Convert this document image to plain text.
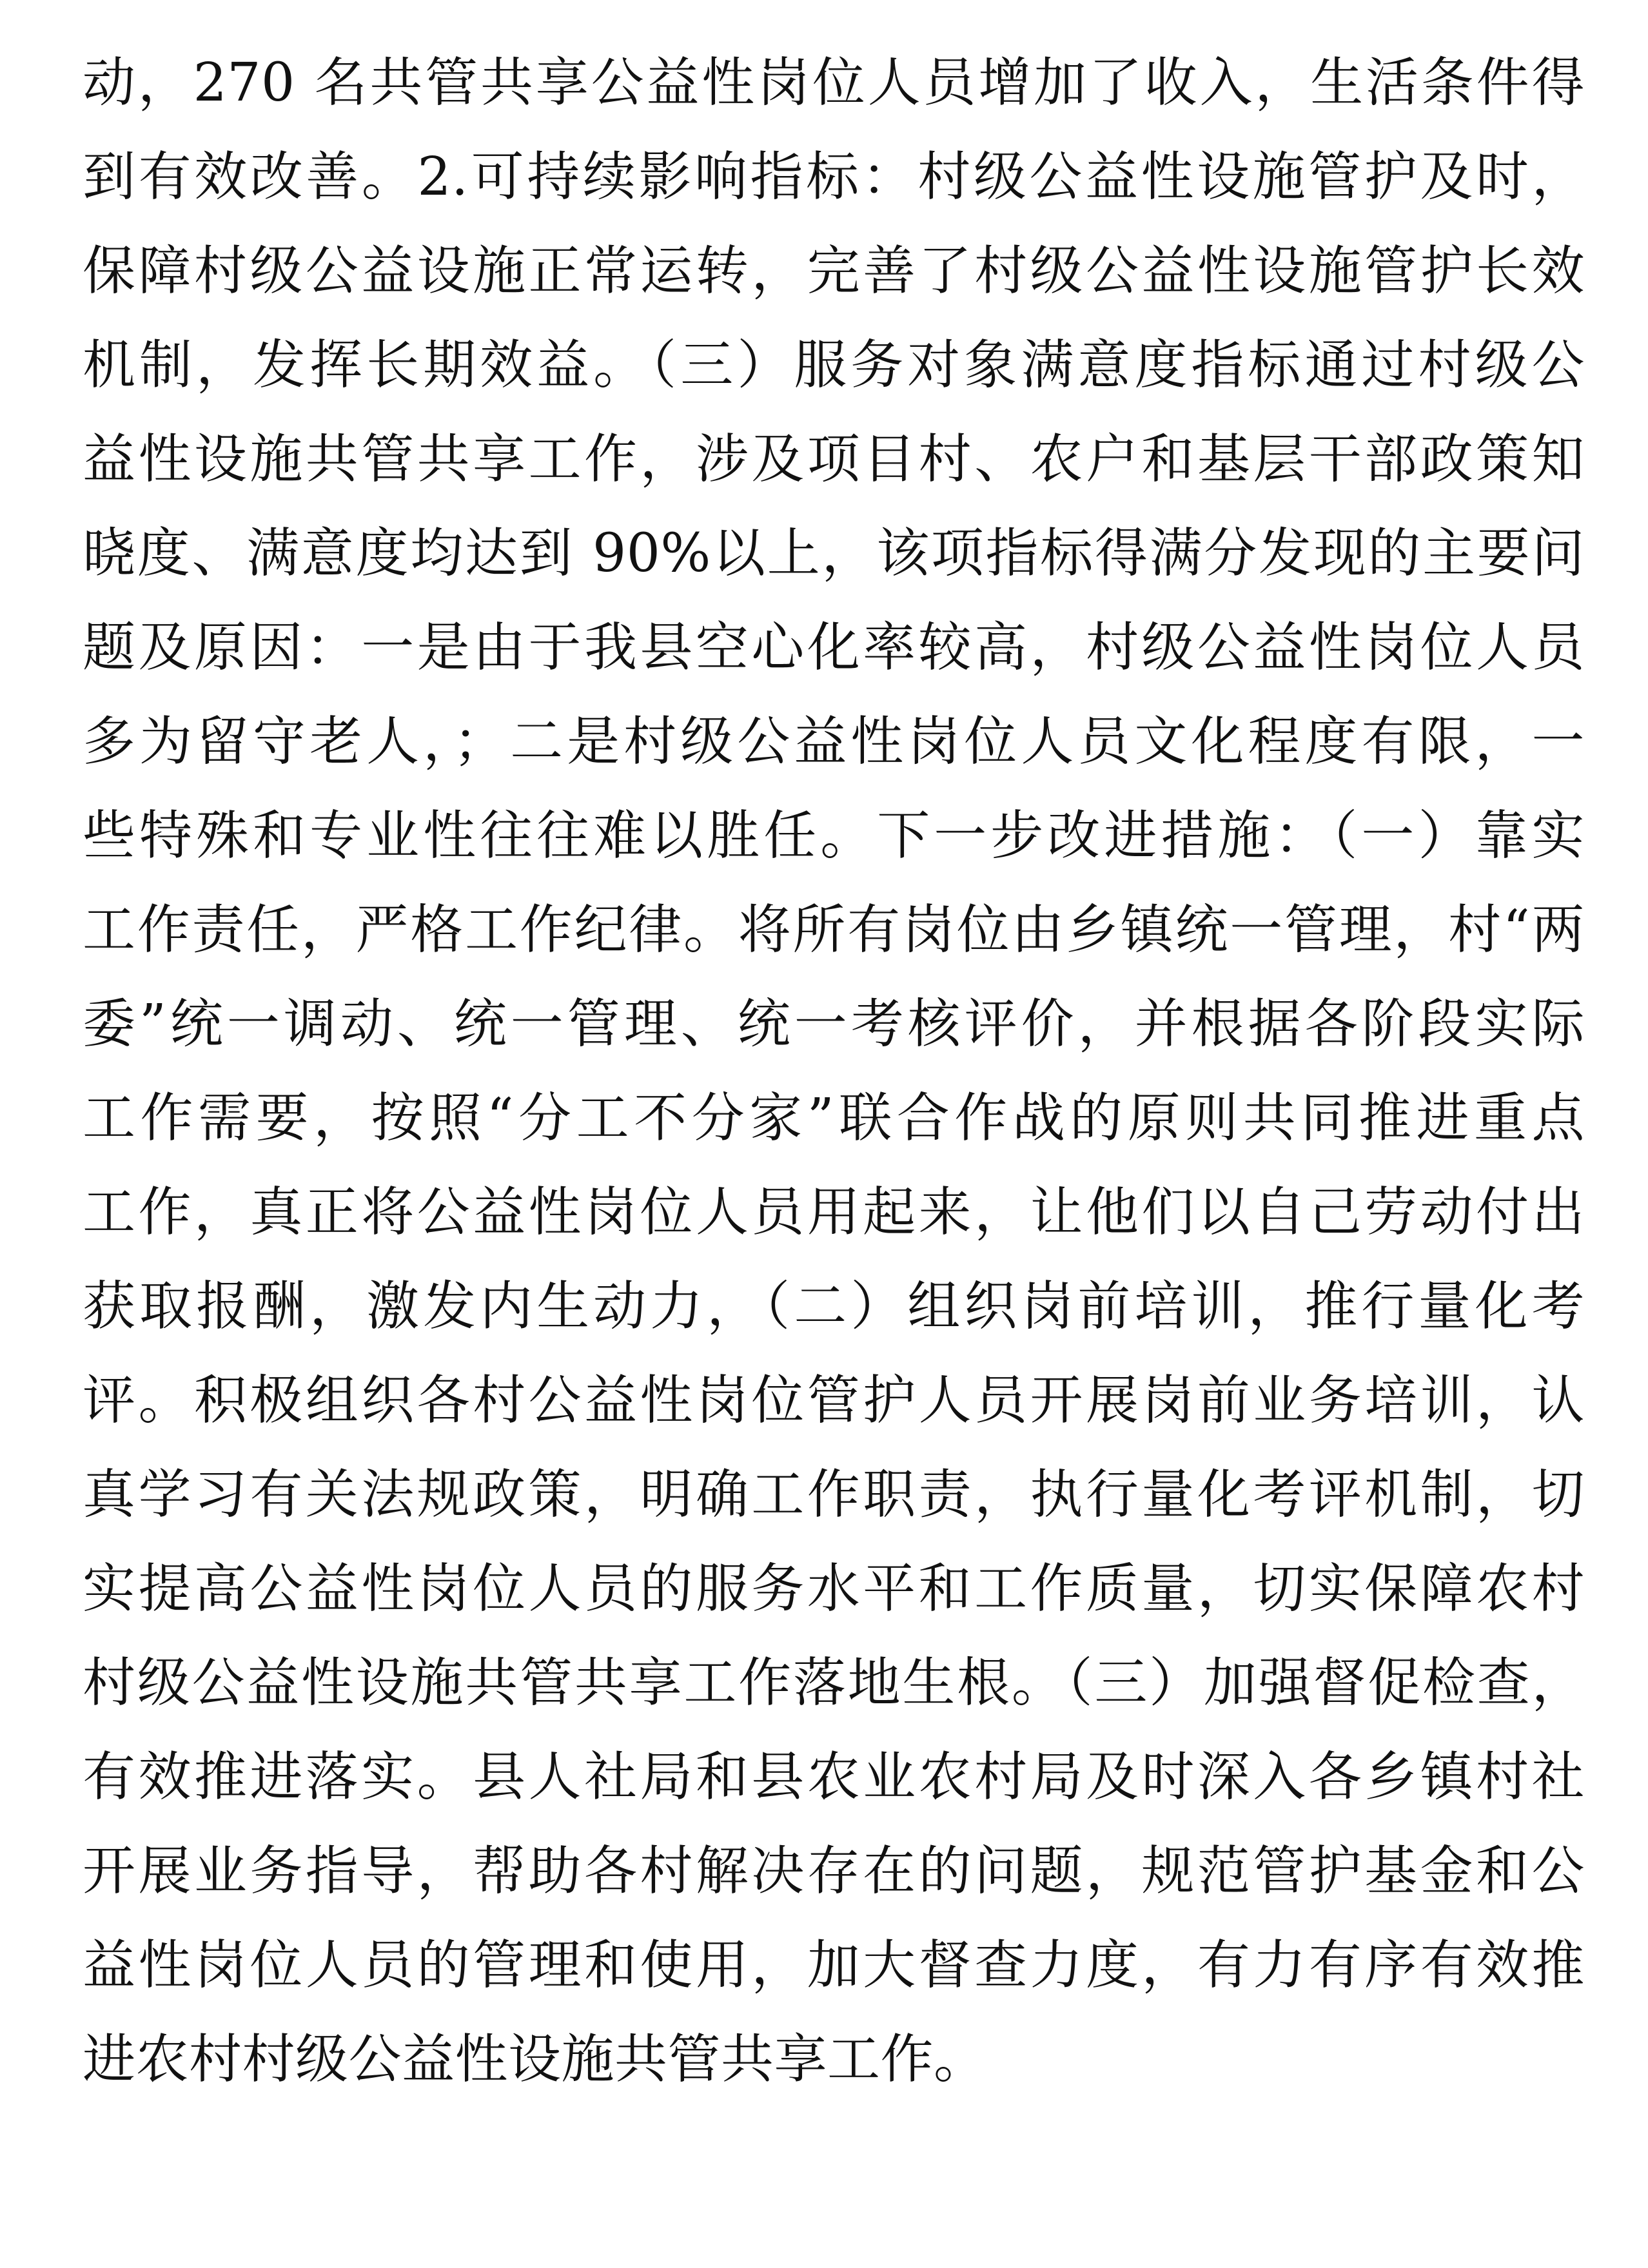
动，270 名共管共享公益性岗位人员增加了收入，生活条件得
到有效改善。2.可持续影响指标：村级公益性设施管护及时，
保障村级公益设施正常运转，完善了村级公益性设施管护长效
机制，发挥长期效益。（三）服务对象满意度指标通过村级公
益性设施共管共享工作，涉及项目村、农户和基层干部政策知
晓度、满意度均达到 90%以上，该项指标得满分发现的主要问
题及原因：一是由于我县空心化率较高，村级公益性岗位人员
多为留守老人，；二是村级公益性岗位人员文化程度有限，一
些特殊和专业性往往难以胜任。下一步改进措施：（一）靠实
工作责任，严格工作纪律。将所有岗位由乡镇统一管理，村“两
委”统一调动、统一管理、统一考核评价，并根据各阶段实际
工作需要，按照“分工不分家”联合作战的原则共同推进重点
工作，真正将公益性岗位人员用起来，让他们以自己劳动付出
获取报酬，激发内生动力，（二）组织岗前培训，推行量化考
评。积极组织各村公益性岗位管护人员开展岗前业务培训，认
真学习有关法规政策，明确工作职责，执行量化考评机制，切
实提高公益性岗位人员的服务水平和工作质量，切实保障农村
村级公益性设施共管共享工作落地生根。（三）加强督促检查，
有效推进落实。县人社局和县农业农村局及时深入各乡镇村社
开展业务指导，帮助各村解决存在的问题，规范管护基金和公
益性岗位人员的管理和使用，加大督查力度，有力有序有效推
进农村村级公益性设施共管共享工作。
